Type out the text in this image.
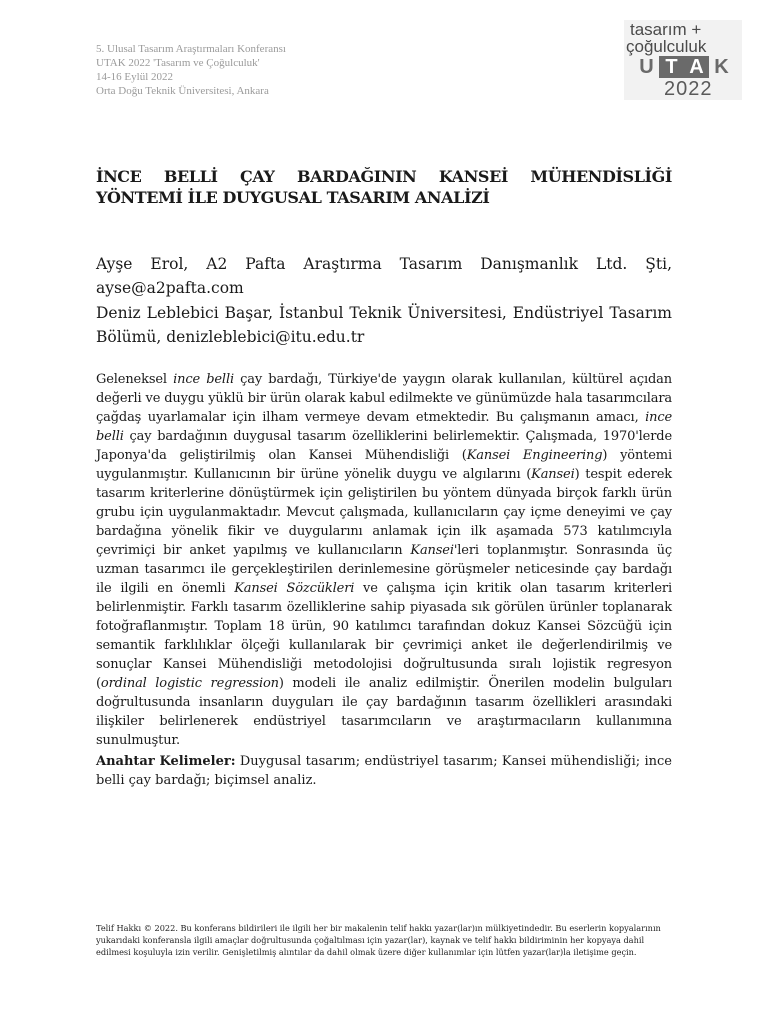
5. Ulusal Tasarım Araştırmaları Konferansı
UTAK 2022 'Tasarım ve Çoğulculuk'
14-16 Eylül 2022
Orta Doğu Teknik Üniversitesi, Ankara
tasarım +
çoğulculuk
U T A K
2022
İNCE BELLİ ÇAY BARDAĞININ KANSEİ MÜHENDİSLİĞİ YÖNTEMİ İLE DUYGUSAL TASARIM ANALİZİ
Ayşe Erol, A2 Pafta Araştırma Tasarım Danışmanlık Ltd. Şti, ayse@a2pafta.com
Deniz Leblebici Başar, İstanbul Teknik Üniversitesi, Endüstriyel Tasarım Bölümü, denizleblebici@itu.edu.tr
Geleneksel ince belli çay bardağı, Türkiye'de yaygın olarak kullanılan, kültürel açıdan değerli ve duygu yüklü bir ürün olarak kabul edilmekte ve günümüzde hala tasarımcılara çağdaş uyarlamalar için ilham vermeye devam etmektedir. Bu çalışmanın amacı, ince belli çay bardağının duygusal tasarım özelliklerini belirlemektir. Çalışmada, 1970'lerde Japonya'da geliştirilmiş olan Kansei Mühendisliği (Kansei Engineering) yöntemi uygulanmıştır. Kullanıcının bir ürüne yönelik duygu ve algılarını (Kansei) tespit ederek tasarım kriterlerine dönüştürmek için geliştirilen bu yöntem dünyada birçok farklı ürün grubu için uygulanmaktadır. Mevcut çalışmada, kullanıcıların çay içme deneyimi ve çay bardağına yönelik fikir ve duygularını anlamak için ilk aşamada 573 katılımcıyla çevrimiçi bir anket yapılmış ve kullanıcıların Kansei'leri toplanmıştır. Sonrasında üç uzman tasarımcı ile gerçekleştirilen derinlemesine görüşmeler neticesinde çay bardağı ile ilgili en önemli Kansei Sözcükleri ve çalışma için kritik olan tasarım kriterleri belirlenmiştir. Farklı tasarım özelliklerine sahip piyasada sık görülen ürünler toplanarak fotoğraflanmıştır. Toplam 18 ürün, 90 katılımcı tarafından dokuz Kansei Sözcüğü için semantik farklılıklar ölçeği kullanılarak bir çevrimiçi anket ile değerlendirilmiş ve sonuçlar Kansei Mühendisliği metodolojisi doğrultusunda sıralı lojistik regresyon (ordinal logistic regression) modeli ile analiz edilmiştir. Önerilen modelin bulguları doğrultusunda insanların duyguları ile çay bardağının tasarım özellikleri arasındaki ilişkiler belirlenerek endüstriyel tasarımcıların ve araştırmacıların kullanımına sunulmuştur.
Anahtar Kelimeler: Duygusal tasarım; endüstriyel tasarım; Kansei mühendisliği; ince belli çay bardağı; biçimsel analiz.
Telif Hakkı © 2022. Bu konferans bildirileri ile ilgili her bir makalenin telif hakkı yazar(lar)ın mülkiyetindedir. Bu eserlerin kopyalarının yukarıdaki konferansla ilgili amaçlar doğrultusunda çoğaltılması için yazar(lar), kaynak ve telif hakkı bildiriminin her kopyaya dahil edilmesi koşuluyla izin verilir. Genişletilmiş alıntılar da dahil olmak üzere diğer kullanımlar için lütfen yazar(lar)la iletişime geçin.
